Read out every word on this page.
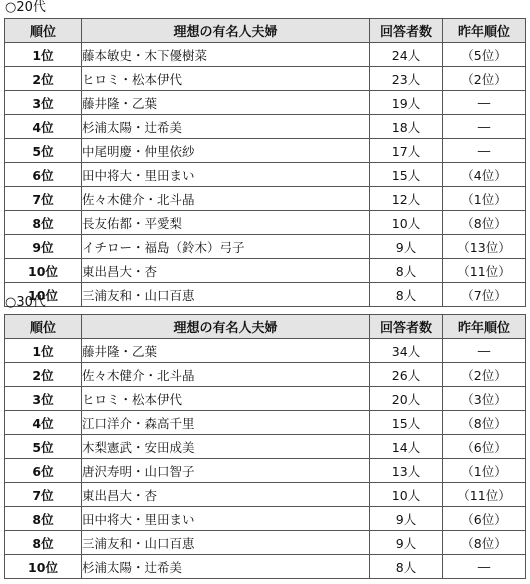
○20代
順位	理想の有名人夫婦	回答者数	昨年順位
1位	藤本敏史・木下優樹菜	24人	（5位）
2位	ヒロミ・松本伊代	23人	（2位）
3位	藤井隆・乙葉	19人	―
4位	杉浦太陽・辻希美	18人	―
5位	中尾明慶・仲里依紗	17人	―
6位	田中将大・里田まい	15人	（4位）
7位	佐々木健介・北斗晶	12人	（1位）
8位	長友佑都・平愛梨	10人	（8位）
9位	イチロー・福島（鈴木）弓子	9人	（13位）
10位	東出昌大・杏	8人	（11位）
10位	三浦友和・山口百恵	8人	（7位）
○30代
順位	理想の有名人夫婦	回答者数	昨年順位
1位	藤井隆・乙葉	34人	―
2位	佐々木健介・北斗晶	26人	（2位）
3位	ヒロミ・松本伊代	20人	（3位）
4位	江口洋介・森高千里	15人	（8位）
5位	木梨憲武・安田成美	14人	（6位）
6位	唐沢寿明・山口智子	13人	（1位）
7位	東出昌大・杏	10人	（11位）
8位	田中将大・里田まい	9人	（6位）
8位	三浦友和・山口百恵	9人	（8位）
10位	杉浦太陽・辻希美	8人	―
